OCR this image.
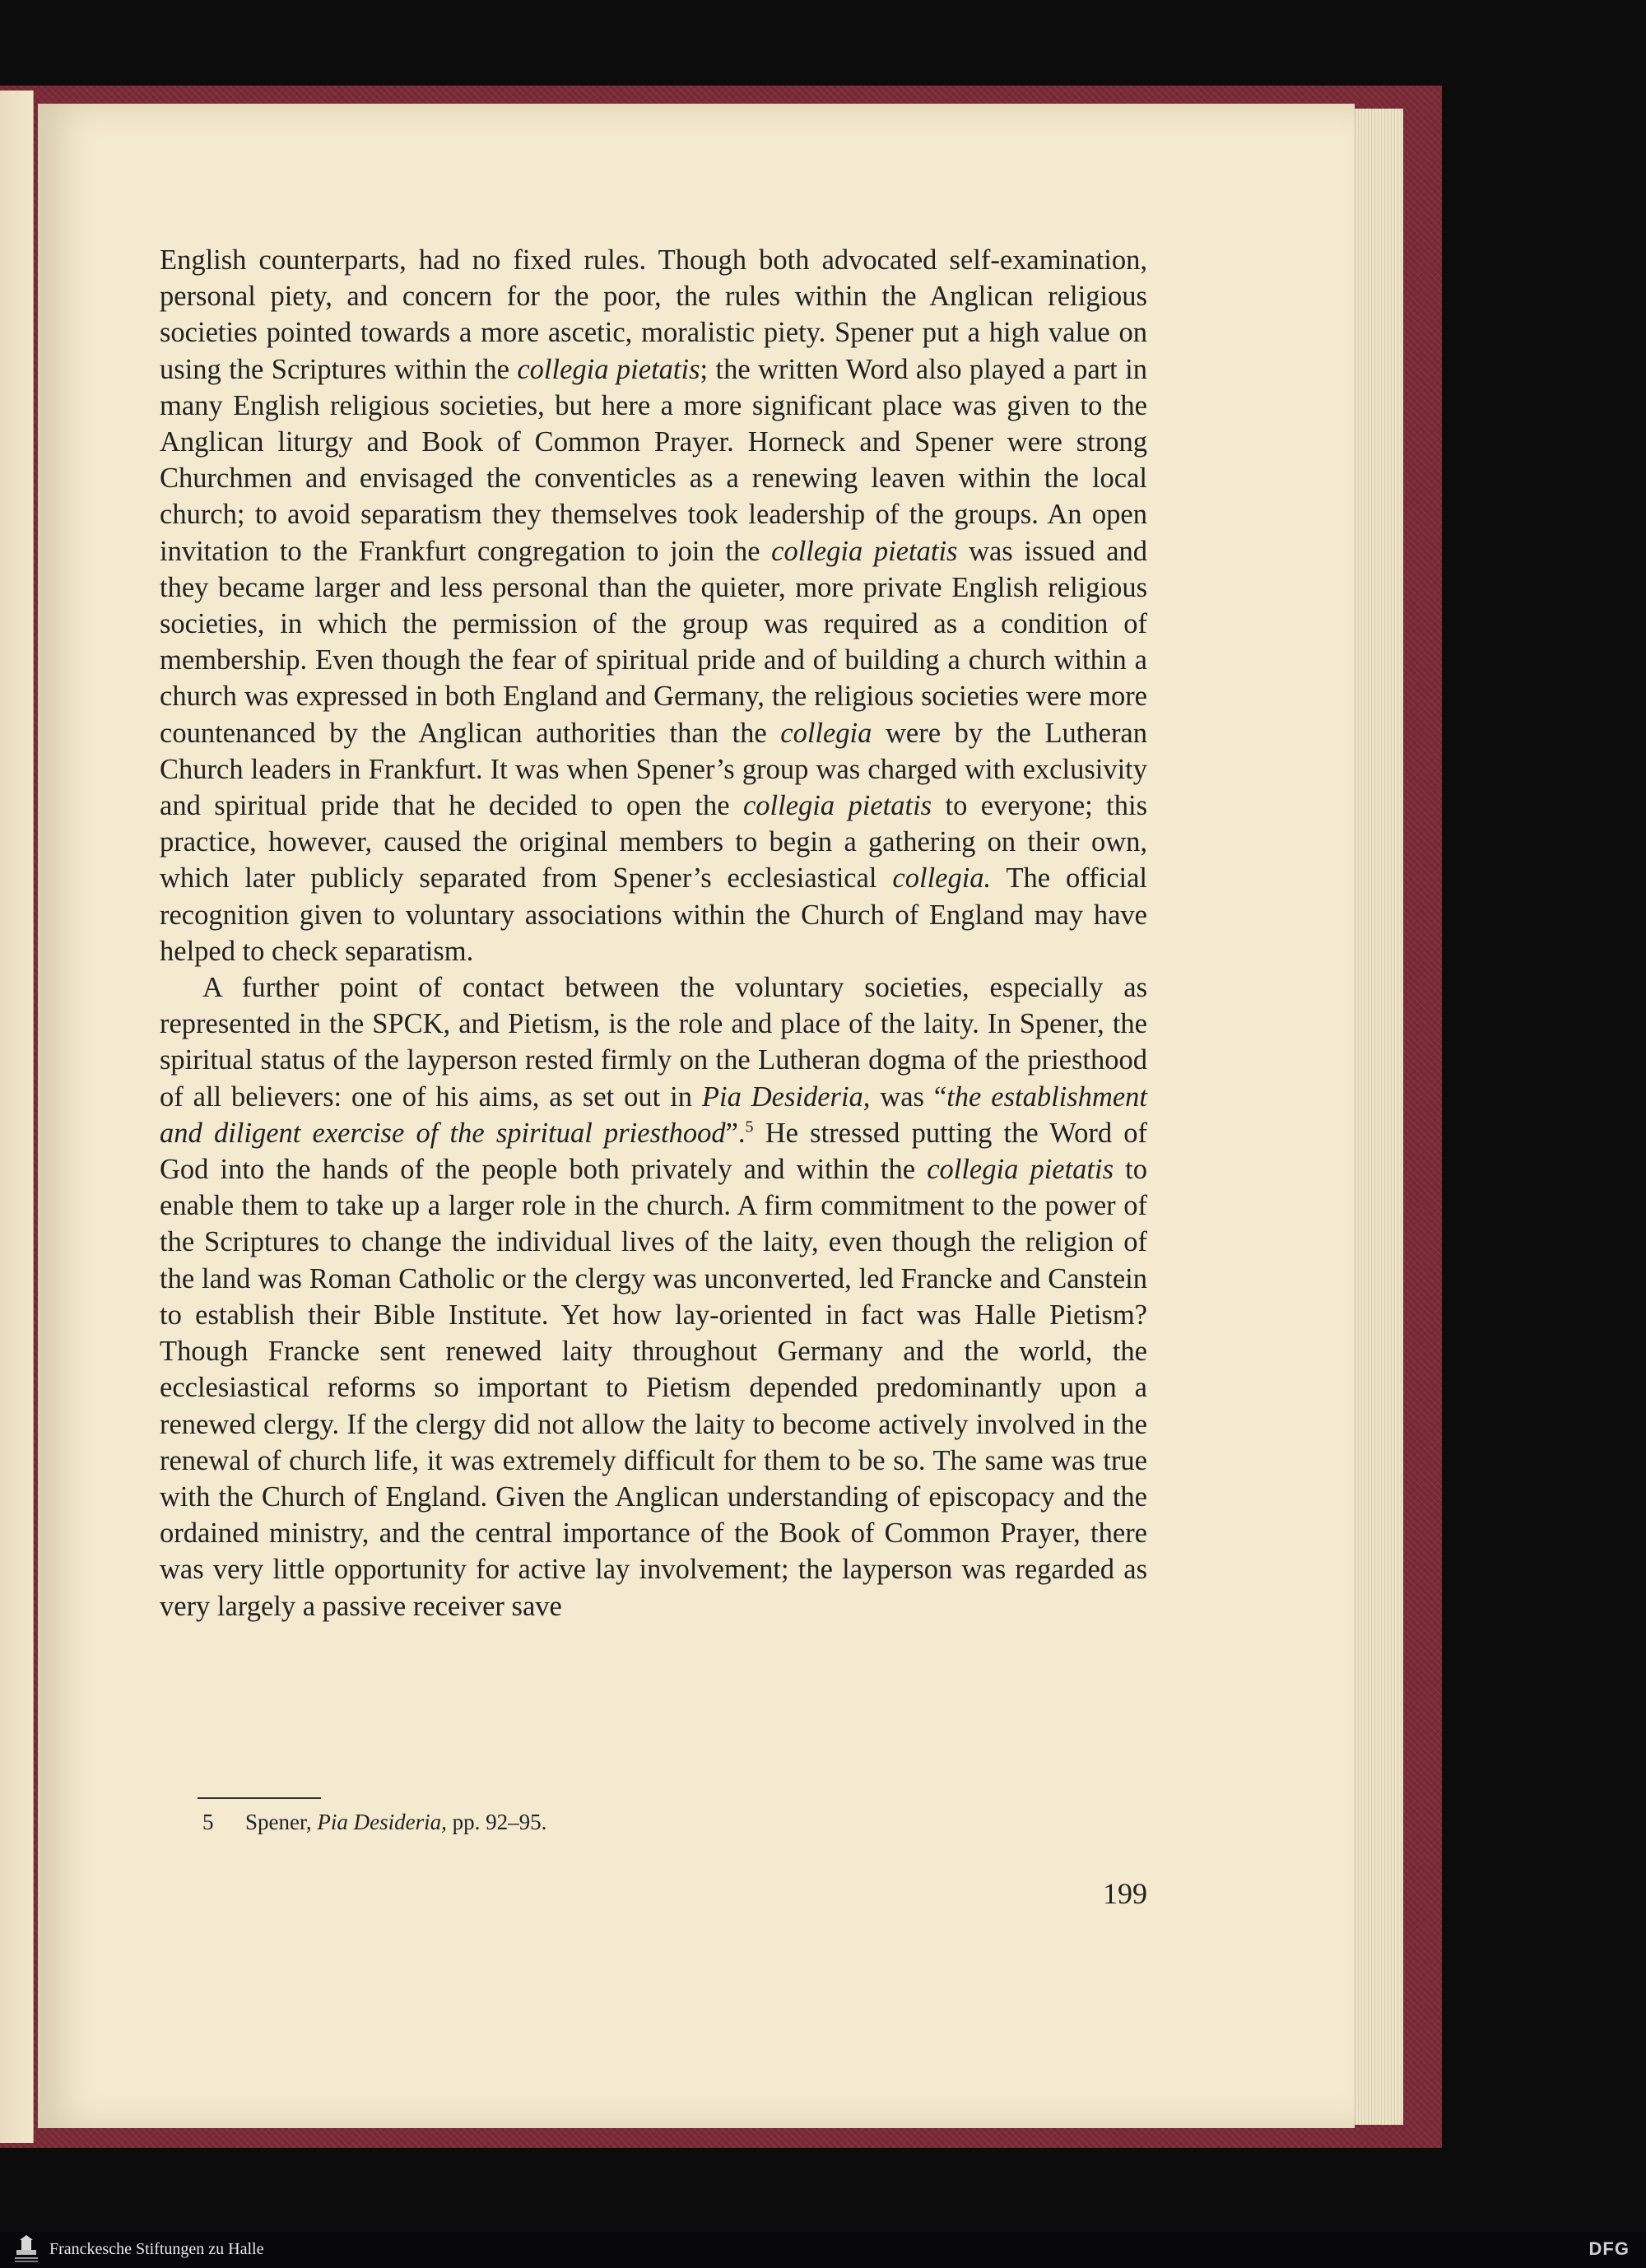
English counterparts, had no fixed rules. Though both advocated self-examination, personal piety, and concern for the poor, the rules within the Anglican religious societies pointed towards a more ascetic, moralistic piety. Spener put a high value on using the Scriptures within the collegia pietatis; the written Word also played a part in many English religious societies, but here a more significant place was given to the Anglican liturgy and Book of Common Prayer. Horneck and Spener were strong Churchmen and envisaged the conventicles as a renewing leaven within the local church; to avoid separatism they themselves took leadership of the groups. An open invitation to the Frankfurt congregation to join the collegia pietatis was issued and they became larger and less personal than the quieter, more private English religious societies, in which the permission of the group was required as a condition of membership. Even though the fear of spiritual pride and of building a church within a church was expressed in both England and Germany, the religious societies were more countenanced by the Anglican authorities than the collegia were by the Lutheran Church leaders in Frankfurt. It was when Spener’s group was charged with exclusivity and spiritual pride that he decided to open the collegia pietatis to everyone; this practice, however, caused the original members to begin a gathering on their own, which later publicly separated from Spener’s ecclesiastical collegia. The official recognition given to voluntary associations within the Church of England may have helped to check separatism.

A further point of contact between the voluntary societies, especially as represented in the SPCK, and Pietism, is the role and place of the laity. In Spener, the spiritual status of the layperson rested firmly on the Lutheran dogma of the priesthood of all believers: one of his aims, as set out in Pia Desideria, was “the establishment and diligent exercise of the spiritual priesthood”.$^5$ He stressed putting the Word of God into the hands of the people both privately and within the collegia pietatis to enable them to take up a larger role in the church. A firm commitment to the power of the Scriptures to change the individual lives of the laity, even though the religion of the land was Roman Catholic or the clergy was unconverted, led Francke and Canstein to establish their Bible Institute. Yet how lay-oriented in fact was Halle Pietism? Though Francke sent renewed laity throughout Germany and the world, the ecclesiastical reforms so important to Pietism depended predominantly upon a renewed clergy. If the clergy did not allow the laity to become actively involved in the renewal of church life, it was extremely difficult for them to be so. The same was true with the Church of England. Given the Anglican understanding of episcopacy and the ordained ministry, and the central importance of the Book of Common Prayer, there was very little opportunity for active lay involvement; the layperson was regarded as very largely a passive receiver save

5 Spener, Pia Desideria, pp. 92–95.
199
Franckesche Stiftungen zu Halle	DFG
